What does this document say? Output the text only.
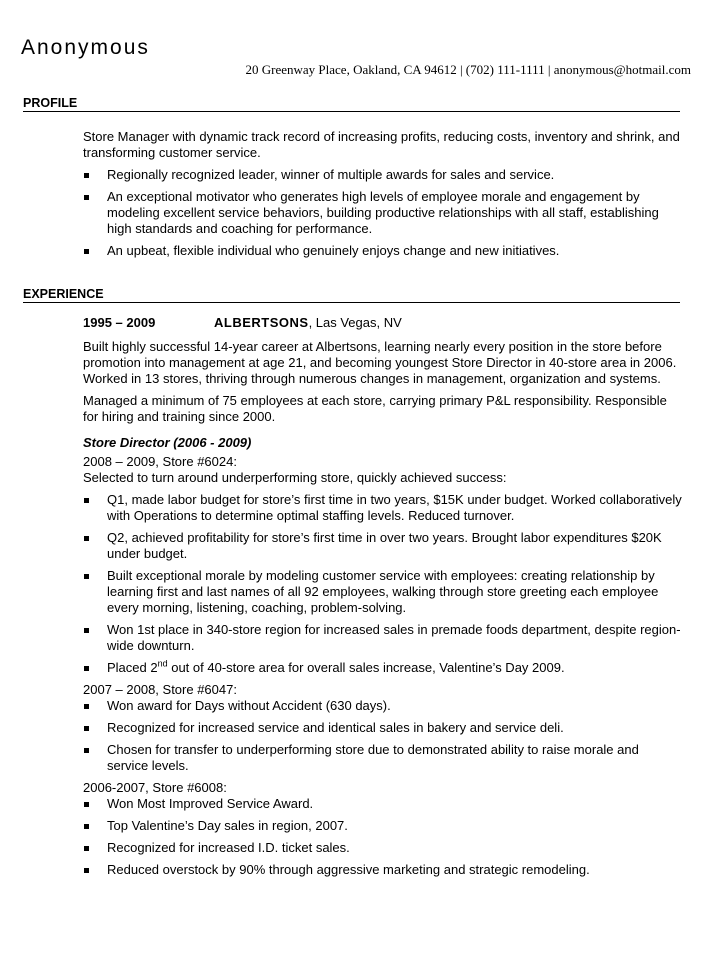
Anonymous
20 Greenway Place, Oakland, CA 94612 | (702) 111-1111 | anonymous@hotmail.com
PROFILE

Store Manager with dynamic track record of increasing profits, reducing costs, inventory and shrink, and transforming customer service.

Regionally recognized leader, winner of multiple awards for sales and service.
An exceptional motivator who generates high levels of employee morale and engagement by modeling excellent service behaviors, building productive relationships with all staff, establishing high standards and coaching for performance.
An upbeat, flexible individual who genuinely enjoys change and new initiatives.
EXPERIENCE
1995 – 2009	ALBERTSONS, Las Vegas, NV

Built highly successful 14-year career at Albertsons, learning nearly every position in the store before promotion into management at age 21, and becoming youngest Store Director in 40-store area in 2006. Worked in 13 stores, thriving through numerous changes in management, organization and systems.

Managed a minimum of 75 employees at each store, carrying primary P&L responsibility. Responsible for hiring and training since 2000.

Store Director (2006 - 2009)

2008 – 2009, Store #6024:

Selected to turn around underperforming store, quickly achieved success:

Q1, made labor budget for store’s first time in two years, $15K under budget. Worked collaboratively with Operations to determine optimal staffing levels. Reduced turnover.
Q2, achieved profitability for store’s first time in over two years. Brought labor expenditures $20K under budget.
Built exceptional morale by modeling customer service with employees: creating relationship by learning first and last names of all 92 employees, walking through store greeting each employee every morning, listening, coaching, problem-solving.
Won 1st place in 340-store region for increased sales in premade foods department, despite region-wide downturn.
Placed 2nd out of 40-store area for overall sales increase, Valentine’s Day 2009.

2007 – 2008, Store #6047:

Won award for Days without Accident (630 days).
Recognized for increased service and identical sales in bakery and service deli.
Chosen for transfer to underperforming store due to demonstrated ability to raise morale and service levels.

2006-2007, Store #6008:

Won Most Improved Service Award.
Top Valentine’s Day sales in region, 2007.
Recognized for increased I.D. ticket sales.
Reduced overstock by 90% through aggressive marketing and strategic remodeling.
